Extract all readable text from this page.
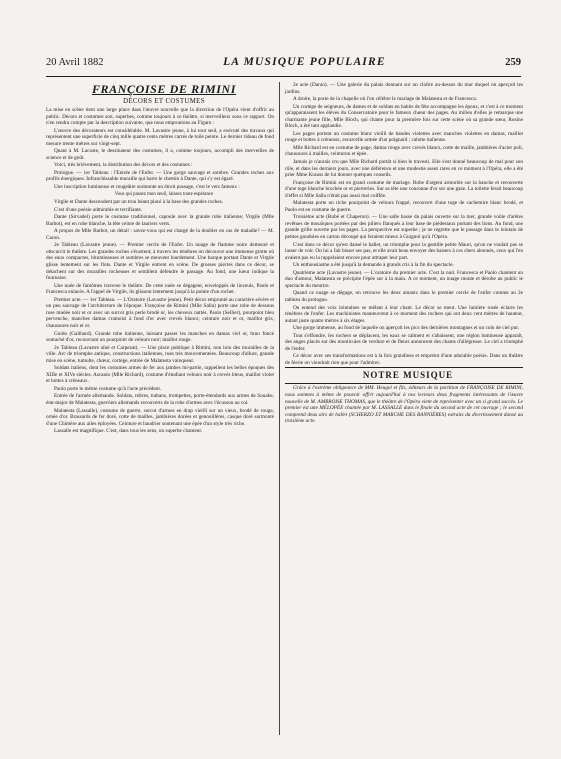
20 Avril 1882	LA MUSIQUE POPULAIRE	259

FRANÇOISE DE RIMINI

DÉCORS ET COSTUMES

La mise en scène tient une large place dans l'œuvre nouvelle que la direction de l'Opéra vient d'offrir au public. Décors et costumes son, superbes, comme toujours à ce théâtre, si merveilleux sous ce rapport. On n'en rendra compte par la description suivante, que nous empruntons au Figaro :

L'œuvre des décorateurs est considérable. M. Lavastre jeune, à lui tout seul, a exécuté des travaux qui représentent une superficie de cinq mille quatre cents mètres carrés de toile peinte. Le dernier rideau de fond mesure trente mètres sur vingt-sept.

Quant à M. Lacoste, le dessinateur des costumes, il a, comme toujours, accompli des merveilles de science et de goût.

Voici, très brièvement, la distribution des décors et des costumes :

Prologue. — 1er Tableau : l'Entrée de l'Enfer. — Une gorge sauvage et sombre. Grandes roches aux profils énergiques. Infranchissable muraille qui barre le chemin à Dante, qui s'y est égaré.

Une inscription lumineuse et rougeâtre surmonte un étroit passage, c'est le vers fameux :

Vous qui passez mon seuil, laissez toute espérance

Virgile et Dante descendent par un trou béant placé à la base des grandes roches.

C'est d'une poésie admirable et terrifiante.

Dante (Sirvadel) porte le costume traditionnel, capoule avec la grande robe italienne; Virgile (Mlle Barbot), est en robe blanche, la tête ceinte de lauriers verts.

A propos de Mlle Barbot, un détail : savez-vous qui est chargé de la doubler en cas de maladie? — M. Caron.

2e Tableau (Lavastre jeune). — Premier cercle de l'Enfer. Un nuage de flamme noire demeuré et obscurcit le théâtre. Les grandes roches s'écartent; à travers les ténèbres on découvre une immense grotte où des eaux compactes, bitumineuses et sombres se meuvent lourdement. Une barque portant Dante et Virgile glisse lentement sur les flots. Dante et Virgile entrent en scène. De grosses pierres dans ce décor, se détachent sur des murailles rocheuses et semblent défendre le passage. Au fond, une lueur indique la fournaise.

Une nuée de fantômes traverse le théâtre. De cette nuée se dégagent, enveloppés de linceuls, Paolo et Francesca enlacés. A l'appel de Virgile, ils glissent lentement jusqu'à la pointe d'un rocher.

Premier acte. — 1er Tableau. — L'Oratoire (Lavastre jeune). Petit décor emprunté au caractère sévère et un peu sauvage de l'architecture de l'époque. Françoise de Rimini (Mlle Salla) porte une robe de dessous rose mielée noir et or avec un surcot gris perle brodé or, les cheveux nattés. Paolo (Sellier), pourpoint bleu pervenche, manches damas cramoisi à fond d'or avec crevés blancs; ceinture noir et or, maillot gris, chaussures noir et or.

Guido (Gailhard). Grande robe italienne, laissant passer les manches en damas viel or, brun foncé soutaché d'or, recouvrant un pourpoint de velours noir; maillot rouge.

2e Tableau (Lavastre aîné et Carpezat). — Une place publique à Rimini, non loin des murailles de la ville. Arc de triomphe antique, constructions italiennes, rues très mouvementées. Beaucoup d'allure, grande mise en scène, tumulte, chœur, cortège, entrée de Malatesta vainqueur.

Soldats italiens, dont les costumes armés de fer aux jambes mi-partie, rappellent les belles époques des XIIIe et XIVe siècles. Ascanio (Mlle Richard), costume d'étudiant velours noir à crevés bleus, maillot violet et bottes à créneaux.

Paolo porte le même costume qu'à l'acte précédent.

Entrée de l'armée allemande. Soldats, reîtres, trabans, trompettes, porte-étendards aux armes de Souabe, état-major de Malatesta, guerriers allemands recouverts de la robe d'armes avec l'écusson au col.

Malatesta (Lassalle), costume de guerre, surcot d'armes en drap vieilli sur un vieux, brodé de rouge, ornée d'or. Brassards de fer doré, cotte de mailles, jambières dorées et genouillères, casque doré surmonté d'une Chimère aux ailes éployées. Ceinture et baudrier soutenant une épée d'un style très riche.

Lassalle est magnifique. C'est, dans tous les sens, un superbe chanteur.

2e acte (Daran). — Une galerie du palais donnant sur un cloître au-dessus du mur duquel on aperçoit les jardins.

A droite, la porte de la chapelle où l'on célèbre le mariage de Malatesta et de Francesca.

Un cortège de seigneurs, de dames et de soldats en habits de fête accompagne les époux, et c'est à ce moment qu'apparaissent les élèves du Conservatoire pour le fameux chœur des pages. Au milieu d'elles je remarque une charmante jeune fille, Mlle Bloch, qui chante pour la première fois sur cette scène où sa grande sœur, Rosine Bloch, a été tant applaudie.

Les pages portent un costume blanc vieilli de bandes violettes avec manches violettes en damas, maillot rouge et bottes à créneaux, escarcelle armée d'un poignard ; calotte italienne.

Mlle Richard est en costume de page, damas rouge avec crevés blancs, cotte de maille, jambières d'acier poli, chaussures à mailles, ceinturon et épée.

Jamais je n'aurais cru que Mlle Richard portât si bien le travesti. Elle s'est donné beaucoup de mal pour son rôle, et dans les derniers jours, avec une déférence et une modestie assez rares en ce moment à l'Opéra, elle a été prier Mme Krauss de lui donner quelques conseils.

Françoise de Rimini est en grand costume de mariage. Robe d'argent armoriée sur la banche et recouverte d'une toge blanche brochée or et pierreries. Sur sa tête une couronne d'or sur une gaze. La toilette ferait beaucoup d'effet si Mlle Salla n'était pas aussi mal coiffée.

Malatesta porte un riche pourpoint de velours frappé, recouvert d'une toge de cachemire blanc brodé, et Paolo est en costume de guerre.

Troisième acte (Rubé et Chaperon). — Une salle basse du palais ouverte sur la mer, grande voûte d'arêtes revêtues de mosaïques portées par des piliers flanqués à leur base de piédestaux portant des lions. Au fond, une grande grille ouverte par les pages. La perspective est superbe ; je ne regrette que le passage dans le lointain de petites gondoles en carton découpé qui feraient mieux à Guignol qu'à l'Opéra.

C'est dans ce décor qu'est dansé le ballet, un triomphe pour la gentille petite Mauri, qu'on ne voulait pas se lasser de voir. On lui a fait bisser ses pas, et elle avait beau envoyer des baisers à ces chers abonnés, ceux qui l'en avaient pas eu la rappelaient encore pour attraper leur part.

Un enthousiasme a été jusqu'à la demande à grands cris à la fin du spectacle.

Quatrième acte (Lavastre jeune). — L'oratoire du premier acte. C'est la nuit. Francesca et Paolo chantent un duo d'amour, Malatesta se précipite l'épée sur à la main. A ce moment, un nuage monte et dérobe au public le spectacle du meurtre.

Quand ce nuage se dégage, on retrouve les deux amants dans le premier cercle de l'enfer comme au 2e tableau du prologue.

On entend des voix lointaines se mêlant à leur chant. Le décor se meut. Une lumière rosée éclaire les ténèbres de l'enfer. Les machinistes manœuvrent à ce moment des rochers qui ont deux cent mètres de hauteur, autant juste quatre mètres à six étages.

Une gorge immense, au fond de laquelle on aperçoit les pics des dernières montagnes et un coin de ciel pur.

Tout s'effondre, les rochers se déplacent, les eaux se calment et s'abaissent, une région lumineuse apparaît, des anges placés sur des monticules de verdure et de fleurs annoncent des chants d'allégresse. Le ciel a triomphé de l'enfer.

Ce décor avec ses transformations est à la fois grandiose et empreint d'une adorable poésie. Dans un théâtre de féerie on viendrait rien que pour l'admirer.

NOTRE MUSIQUE

Grâce à l'extrême obligeance de MM. Heugel et fils, éditeurs de la partition de FRANÇOISE DE RIMINI, nous sommes à même de pouvoir offrir aujourd'hui à nos lecteurs deux fragments intéressants de l'œuvre nouvelle de M. AMBROISE THOMAS, que le théâtre de l'Opéra vient de représenter avec un si grand succès. Le premier est une MÉLOPÉE chantée par M. LASSALLE dans le finale du second acte de cet ouvrage ; le second comprend deux airs de ballet (SCHERZO ET MARCHE DES BANNIÈRES) extraits du divertissement dansé au troisième acte.
